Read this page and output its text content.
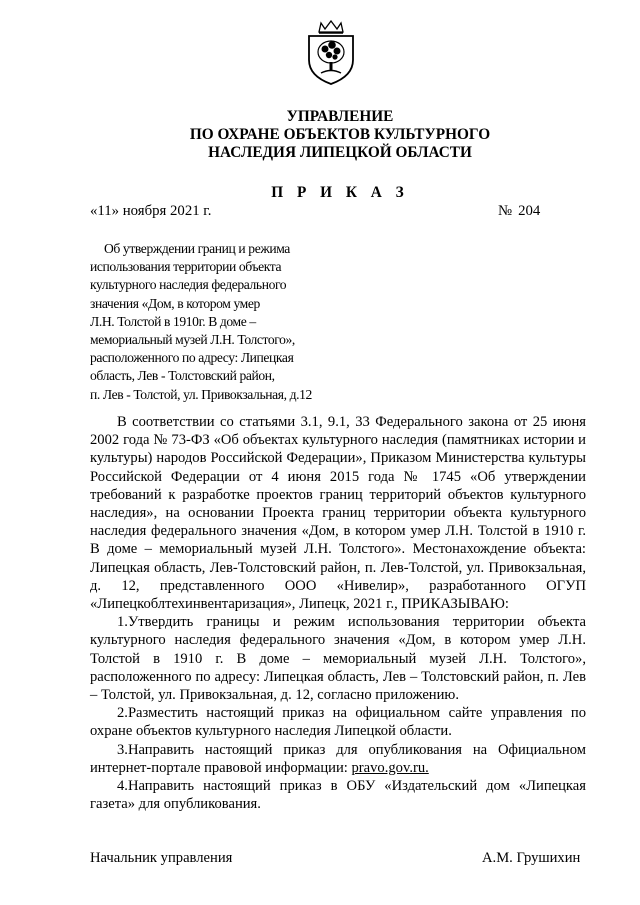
УПРАВЛЕНИЕ
ПО ОХРАНЕ ОБЪЕКТОВ КУЛЬТУРНОГО
НАСЛЕДИЯ ЛИПЕЦКОЙ ОБЛАСТИ
П Р И К А З
«11» ноября 2021 г.	№ 204
Об утверждении границ и режима
использования территории объекта
культурного наследия федерального
значения «Дом, в котором умер
Л.Н. Толстой в 1910г. В доме –
мемориальный музей Л.Н. Толстого»,
расположенного по адресу: Липецкая
область, Лев - Толстовский район,
п. Лев - Толстой, ул. Привокзальная, д.12

В соответствии со статьями 3.1, 9.1, 33 Федерального закона от 25 июня 2002 года № 73-ФЗ «Об объектах культурного наследия (памятниках истории и культуры) народов Российской Федерации», Приказом Министерства культуры Российской Федерации от 4 июня 2015 года № 1745 «Об утверждении требований к разработке проектов границ территорий объектов культурного наследия», на основании Проекта границ территории объекта культурного наследия федерального значения «Дом, в котором умер Л.Н. Толстой в 1910 г. В доме – мемориальный музей Л.Н. Толстого». Местонахождение объекта: Липецкая область, Лев-Толстовский район, п. Лев-Толстой, ул. Привокзальная, д. 12, представленного ООО «Нивелир», разработанного ОГУП «Липецкоблтехинвентаризация», Липецк, 2021 г., ПРИКАЗЫВАЮ:

1.Утвердить границы и режим использования территории объекта культурного наследия федерального значения «Дом, в котором умер Л.Н. Толстой в 1910 г. В доме – мемориальный музей Л.Н. Толстого», расположенного по адресу: Липецкая область, Лев – Толстовский район, п. Лев – Толстой, ул. Привокзальная, д. 12, согласно приложению.

2.Разместить настоящий приказ на официальном сайте управления по охране объектов культурного наследия Липецкой области.

3.Направить настоящий приказ для опубликования на Официальном интернет-портале правовой информации: pravo.gov.ru.

4.Направить настоящий приказ в ОБУ «Издательский дом «Липецкая газета» для опубликования.

Начальник управления	А.М. Грушихин
